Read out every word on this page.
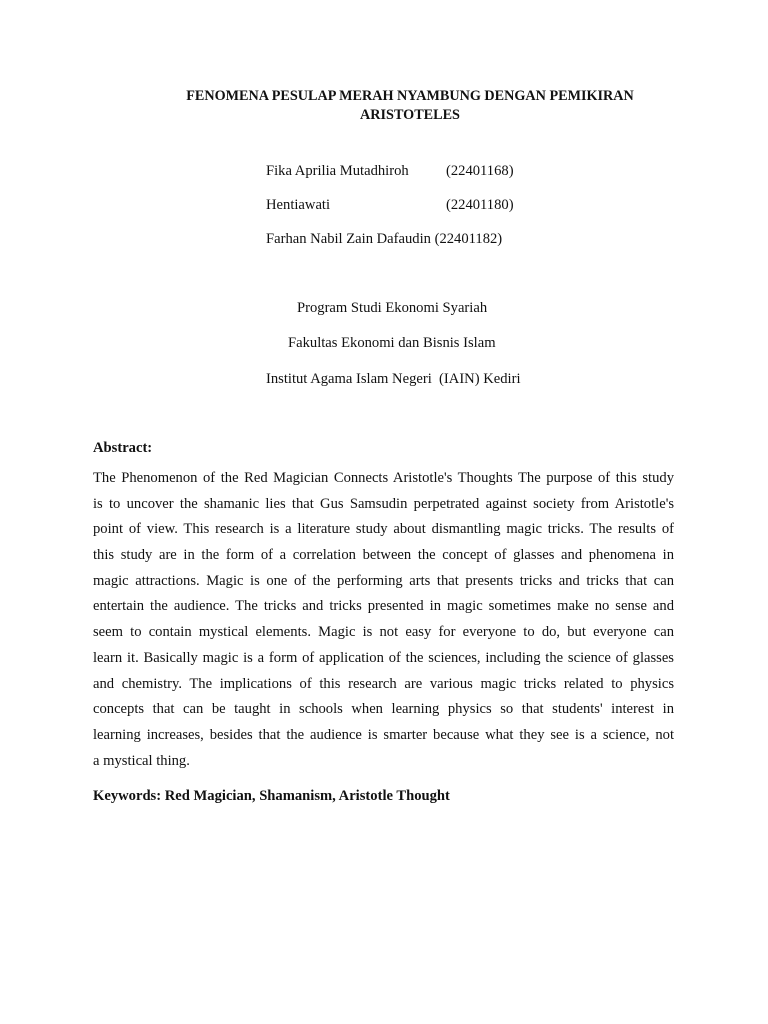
FENOMENA PESULAP MERAH NYAMBUNG DENGAN PEMIKIRAN
ARISTOTELES
Fika Aprilia Mutadhiroh	(22401168)
Hentiawati	(22401180)
Farhan Nabil Zain Dafaudin (22401182)
Program Studi Ekonomi Syariah
Fakultas Ekonomi dan Bisnis Islam
Institut Agama Islam Negeri  (IAIN) Kediri
Abstract:
The Phenomenon of the Red Magician Connects Aristotle's Thoughts The purpose of this study
is to uncover the shamanic lies that Gus Samsudin perpetrated against society from Aristotle's
point of view. This research is a literature study about dismantling magic tricks. The results of
this study are in the form of a correlation between the concept of glasses and phenomena in
magic attractions. Magic is one of the performing arts that presents tricks and tricks that can
entertain the audience. The tricks and tricks presented in magic sometimes make no sense and
seem to contain mystical elements. Magic is not easy for everyone to do, but everyone can
learn it. Basically magic is a form of application of the sciences, including the science of glasses
and chemistry. The implications of this research are various magic tricks related to physics
concepts that can be taught in schools when learning physics so that students' interest in
learning increases, besides that the audience is smarter because what they see is a science, not
a mystical thing.
Keywords: Red Magician, Shamanism, Aristotle Thought
